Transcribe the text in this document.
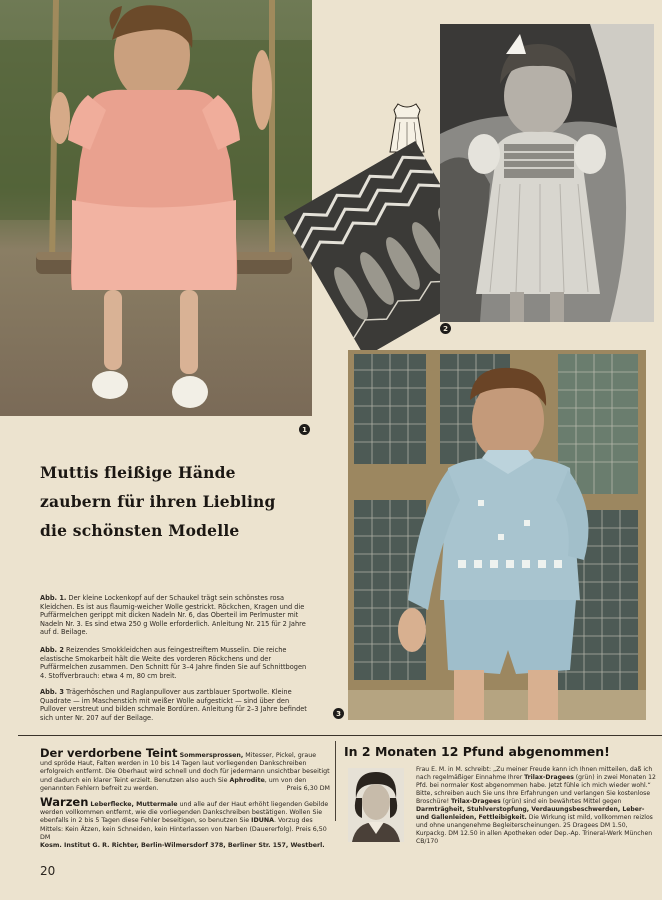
1
2
3
Muttis fleißige Hände
zaubern für ihren Liebling
die schönsten Modelle
Abb. 1. Der kleine Lockenkopf auf der Schaukel trägt sein schönstes rosa Kleidchen. Es ist aus flaumig-weicher Wolle gestrickt. Röckchen, Kragen und die Puffärmelchen gerippt mit dicken Nadeln Nr. 6, das Oberteil im Perlmuster mit Nadeln Nr. 3. Es sind etwa 250 g Wolle erforderlich. Anleitung Nr. 215 für 2 Jahre auf d. Beilage.
Abb. 2 Reizendes Smokkleidchen aus feingestreiftem Musselin. Die reiche elastische Smokarbeit hält die Weite des vorderen Röckchens und der Puffärmelchen zusammen. Den Schnitt für 3–4 Jahre finden Sie auf Schnittbogen 4. Stoffverbrauch: etwa 4 m, 80 cm breit.
Abb. 3 Trägerhöschen und Raglanpullover aus zartblauer Sportwolle. Kleine Quadrate — im Maschenstich mit weißer Wolle aufgestickt — sind über den Pullover verstreut und bilden schmale Bordüren. Anleitung für 2–3 Jahre befindet sich unter Nr. 207 auf der Beilage.
Der verdorbene Teint Sommersprossen, Mitesser, Pickel, graue und spröde Haut, Falten werden in 10 bis 14 Tagen laut vorliegenden Dankschreiben erfolgreich entfernt. Die Oberhaut wird schnell und doch für jedermann unsichtbar beseitigt und dadurch ein klarer Teint erzielt. Benutzen also auch Sie Aphrodite, um von den genannten Fehlern befreit zu werden.	Preis 6,30 DM
Warzen Leberflecke, Muttermale und alle auf der Haut erhöht liegenden Gebilde werden vollkommen entfernt, wie die vorliegenden Dankschreiben bestätigen. Wollen Sie ebenfalls in 2 bis 5 Tagen diese Fehler beseitigen, so benutzen Sie IDUNA. Vorzug des Mittels: Kein Ätzen, kein Schneiden, kein Hinterlassen von Narben (Dauererfolg). Preis 6,50 DM
Kosm. Institut G. R. Richter, Berlin-Wilmersdorf 378, Berliner Str. 157, Westberl.
In 2 Monaten 12 Pfund abgenommen!
Frau E. M. in M. schreibt: „Zu meiner Freude kann ich Ihnen mitteilen, daß ich nach regelmäßiger Einnahme Ihrer Trilax-Dragees (grün) in zwei Monaten 12 Pfd. bei normaler Kost abgenommen habe. Jetzt fühle ich mich wieder wohl.“ Bitte, schreiben auch Sie uns Ihre Erfahrungen und verlangen Sie kostenlose Broschüre! Trilax-Dragees (grün) sind ein bewährtes Mittel gegen Darmträgheit, Stuhlverstopfung, Verdauungsbeschwerden, Leber- und Gallenleiden, Fettleibigkeit. Die Wirkung ist mild, vollkommen reizlos und ohne unangenehme Begleiterscheinungen. 25 Dragees DM 1.50, Kurpackg. DM 12.50 in allen Apotheken oder Dep.-Ap. Trineral-Werk München CB/170
20
